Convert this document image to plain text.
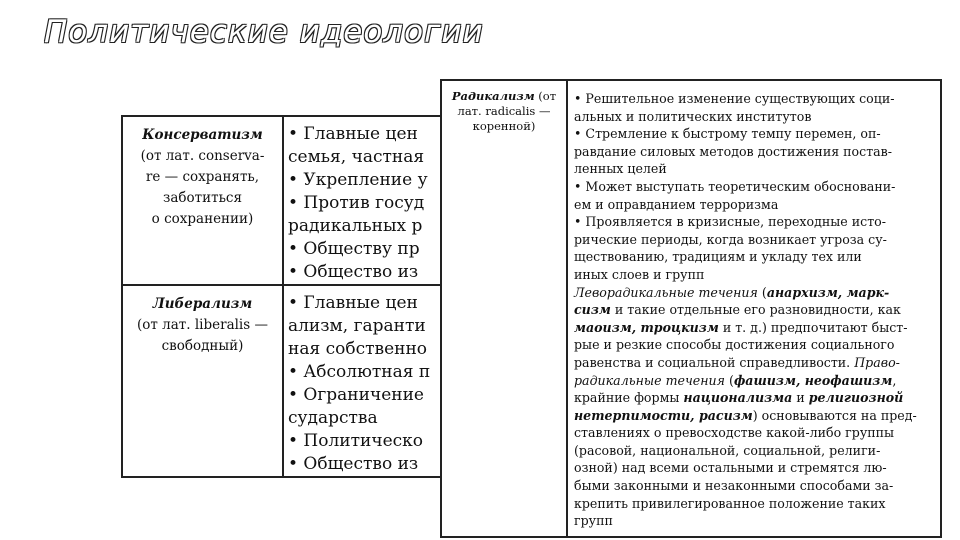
Политические идеологии
Консерватизм
(от лат. conserva-
re — сохранять,
заботиться
о сохранении)
• Главные цен
семья, частная
• Укрепление у
• Против госуд
радикальных р
• Обществу пр
• Общество из
Либерализм
(от лат. liberalis —
свободный)
• Главные цен
ализм, гаранти
ная собственно
• Абсолютная п
• Ограничение
сударства
• Политическо
• Общество из
Радикализм (от
лат. radicalis —
коренной)
• Решительное изменение существующих соци-
альных и политических институтов
• Стремление к быстрому темпу перемен, оп-
равдание силовых методов достижения постав-
ленных целей
• Может выступать теоретическим обосновани-
ем и оправданием терроризма
• Проявляется в кризисные, переходные исто-
рические периоды, когда возникает угроза су-
ществованию, традициям и укладу тех или
иных слоев и групп
Леворадикальные течения (анархизм, марк-
сизм и такие отдельные его разновидности, как
маоизм, троцкизм и т. д.) предпочитают быст-
рые и резкие способы достижения социального
равенства и социальной справедливости. Право-
радикальные течения (фашизм, неофашизм,
крайние формы национализма и религиозной
нетерпимости, расизм) основываются на пред-
ставлениях о превосходстве какой-либо группы
(расовой, национальной, социальной, религи-
озной) над всеми остальными и стремятся лю-
быми законными и незаконными способами за-
крепить привилегированное положение таких
групп
